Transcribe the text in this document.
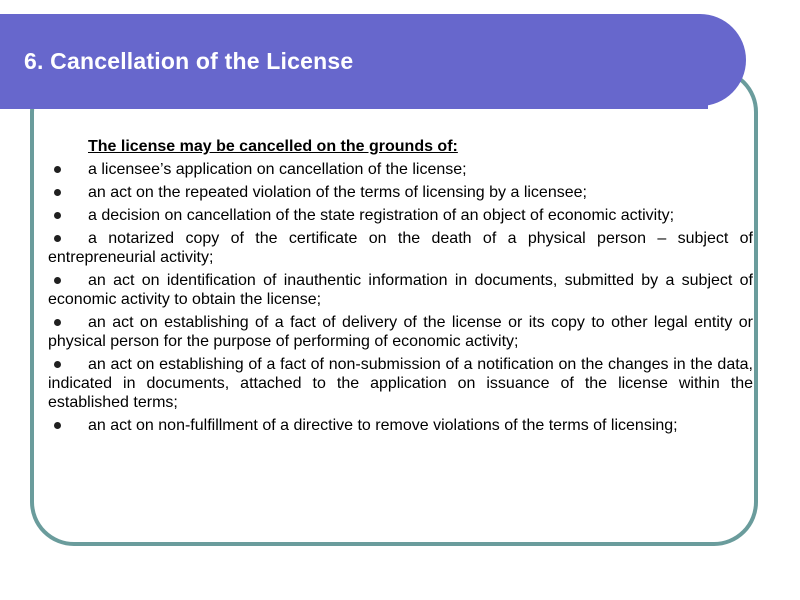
6. Cancellation of the License
The license may be cancelled on the grounds of:
a licensee’s application on cancellation of the license;
an act on the repeated violation of the terms of licensing by a licensee;
a decision on cancellation of the state registration of an object of economic activity;
a notarized copy of the certificate on the death of a physical person – subject of entrepreneurial activity;
an act on identification of inauthentic information in documents, submitted by a subject of economic activity to obtain the license;
an act on establishing of a fact of delivery of the license or its copy to other legal entity or physical person for the purpose of performing of economic activity;
an act on establishing of a fact of non-submission of a notification on the changes in the data, indicated in documents, attached to the application on issuance of the license within the established terms;
an act on non-fulfillment of a directive to remove violations of the terms of licensing;
